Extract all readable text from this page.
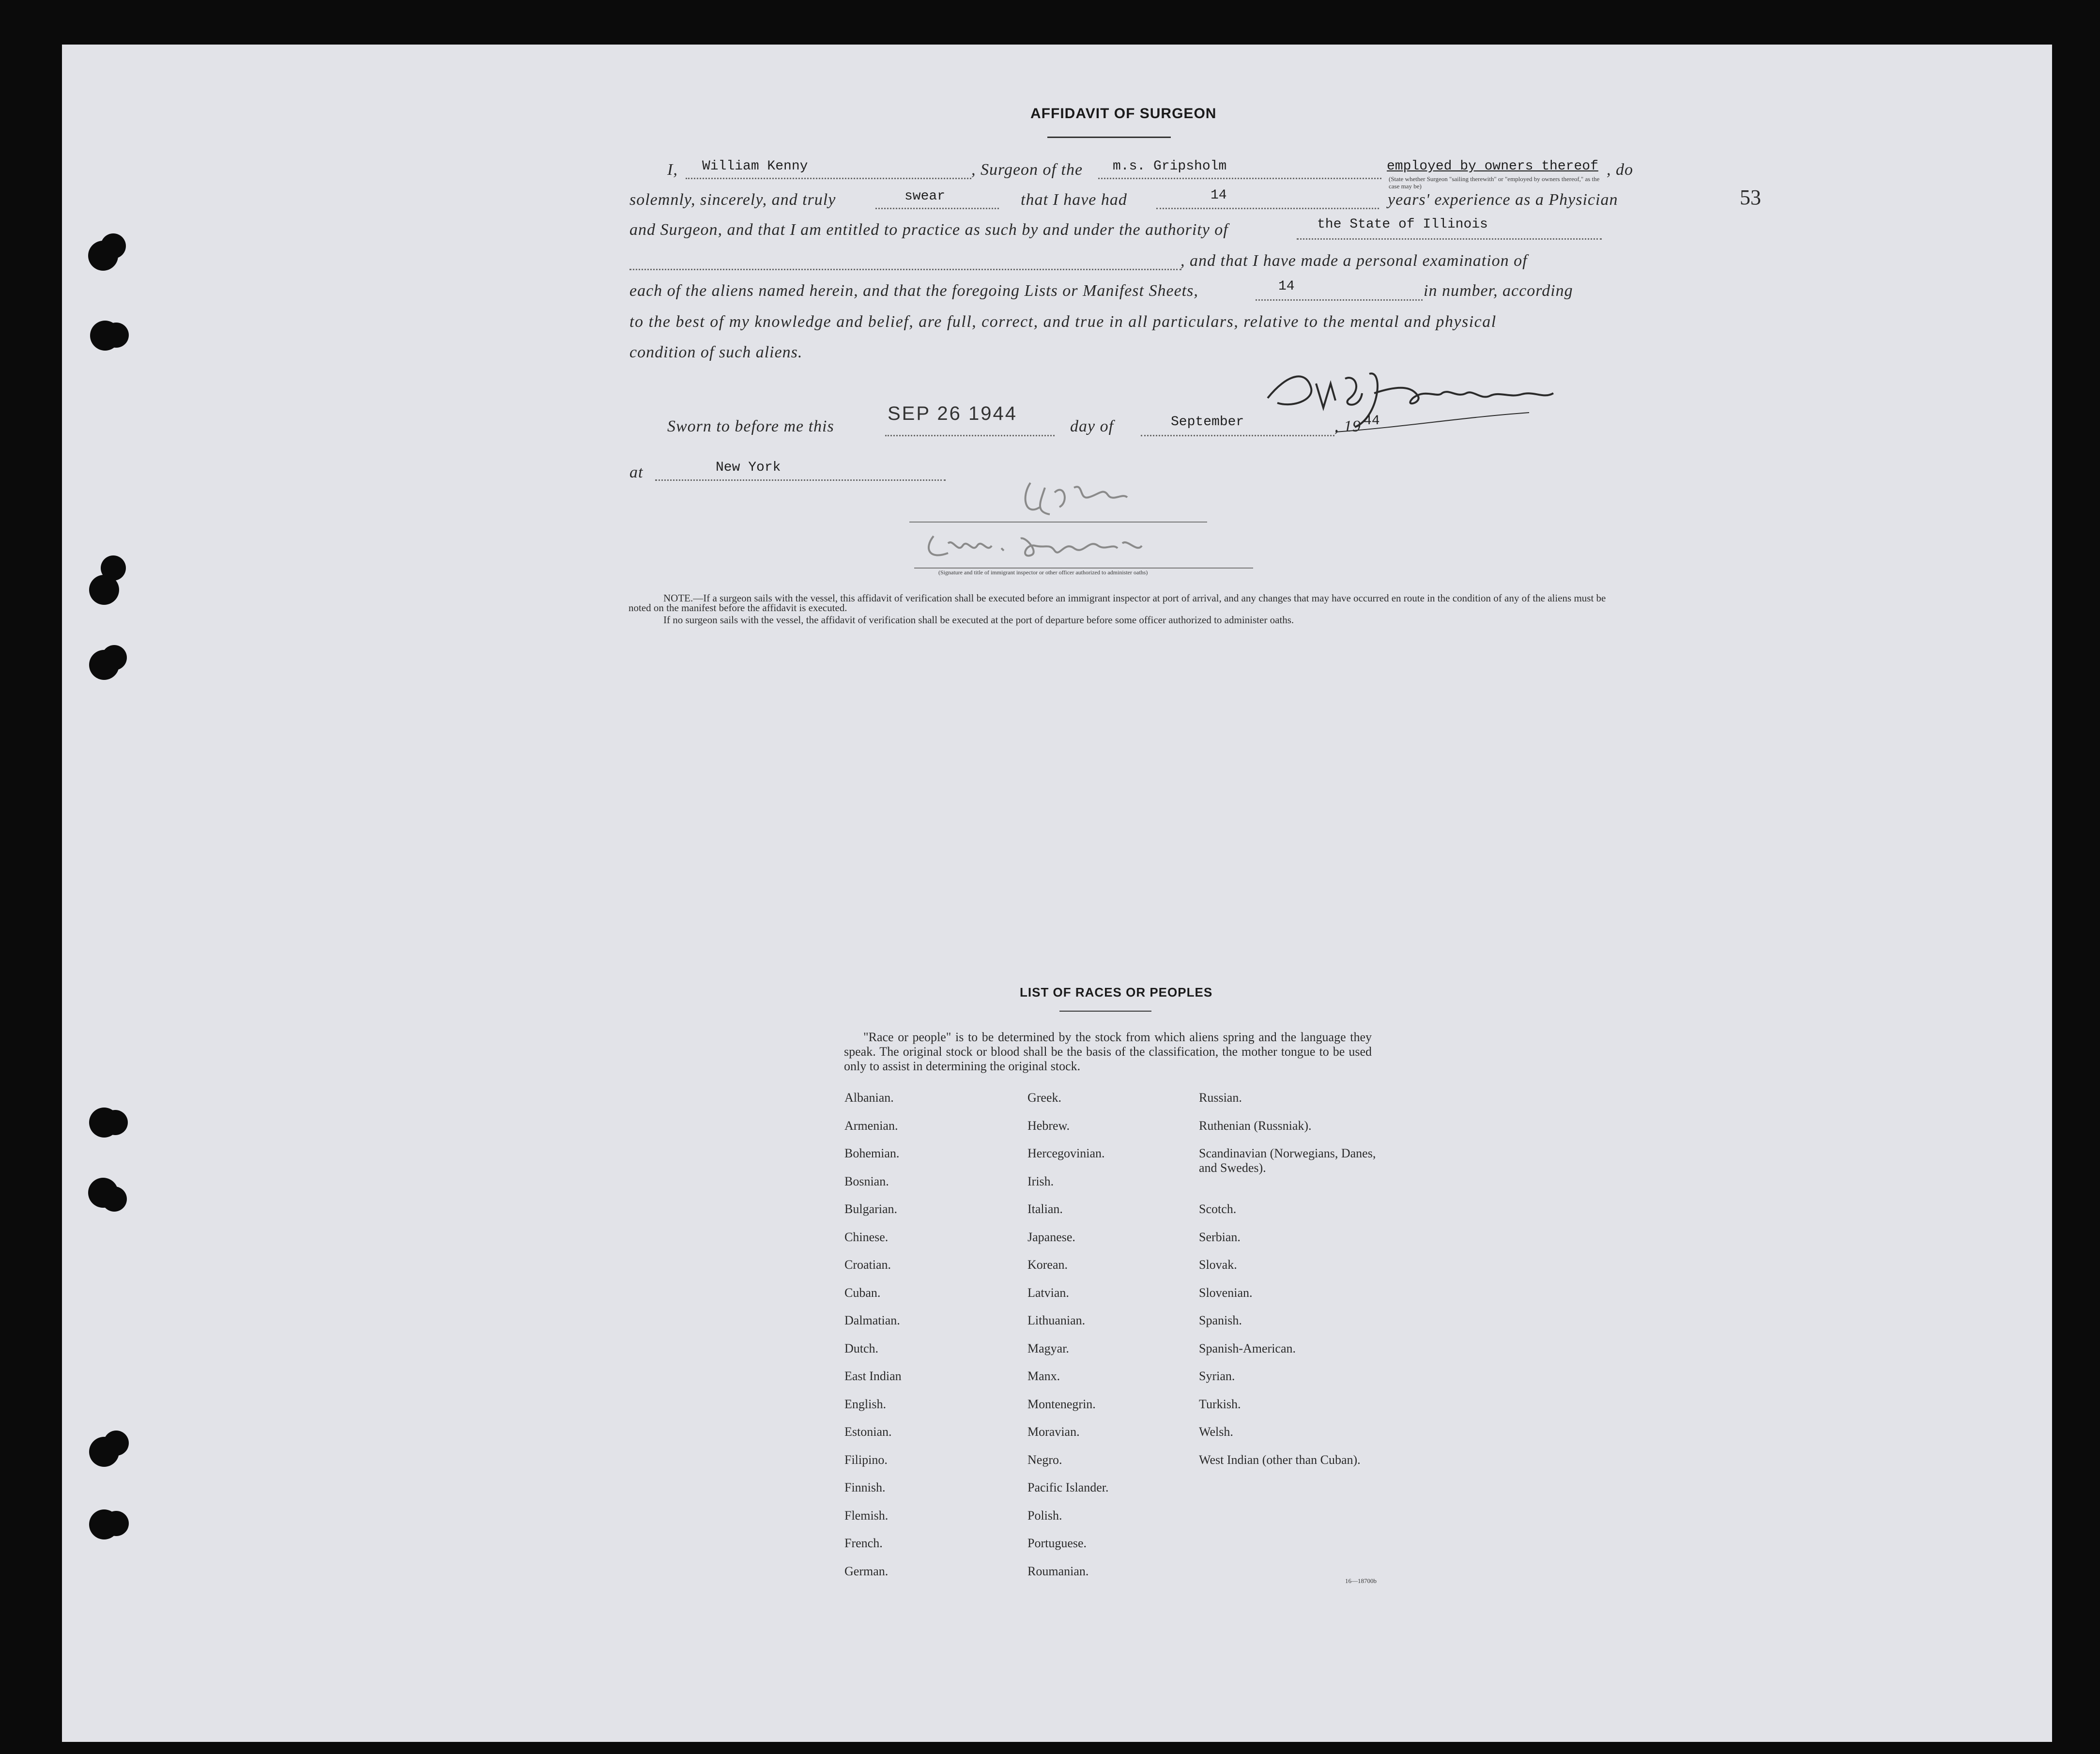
53
AFFIDAVIT OF SURGEON
I, William Kenny	, Surgeon of the m.s. Gripsholm	employed by owners thereof , do
(State whether Surgeon "sailing therewith" or "employed by owners thereof," as the case may be)
solemnly, sincerely, and truly	swear	that I have had	14	years' experience as a Physician
and Surgeon, and that I am entitled to practice as such by and under the authority of	the State of Illinois
, and that I have made a personal examination of
each of the aliens named herein, and that the foregoing Lists or Manifest Sheets,	14	in number, according
to the best of my knowledge and belief, are full, correct, and true in all particulars, relative to the mental and physical
condition of such aliens.
Sworn to before me this
SEP 26 1944
day of	September	, 19 44
at	New York
(Signature and title of immigrant inspector or other officer authorized to administer oaths)
NOTE.—If a surgeon sails with the vessel, this affidavit of verification shall be executed before an immigrant inspector at port of arrival, and any changes that may have occurred en route in the condition of any of the aliens must be noted on the manifest before the affidavit is executed.
If no surgeon sails with the vessel, the affidavit of verification shall be executed at the port of departure before some officer authorized to administer oaths.
LIST OF RACES OR PEOPLES
"Race or people" is to be determined by the stock from which aliens spring and the language they speak. The original stock or blood shall be the basis of the classification, the mother tongue to be used only to assist in determining the original stock.
Albanian.
Armenian.
Bohemian.
Bosnian.
Bulgarian.
Chinese.
Croatian.
Cuban.
Dalmatian.
Dutch.
East Indian
English.
Estonian.
Filipino.
Finnish.
Flemish.
French.
German.
Greek.
Hebrew.
Hercegovinian.
Irish.
Italian.
Japanese.
Korean.
Latvian.
Lithuanian.
Magyar.
Manx.
Montenegrin.
Moravian.
Negro.
Pacific Islander.
Polish.
Portuguese.
Roumanian.
Russian.
Ruthenian (Russniak).
Scandinavian (Norwegians, Danes, and Swedes).
Scotch.
Serbian.
Slovak.
Slovenian.
Spanish.
Spanish-American.
Syrian.
Turkish.
Welsh.
West Indian (other than Cuban).
16—18700b
